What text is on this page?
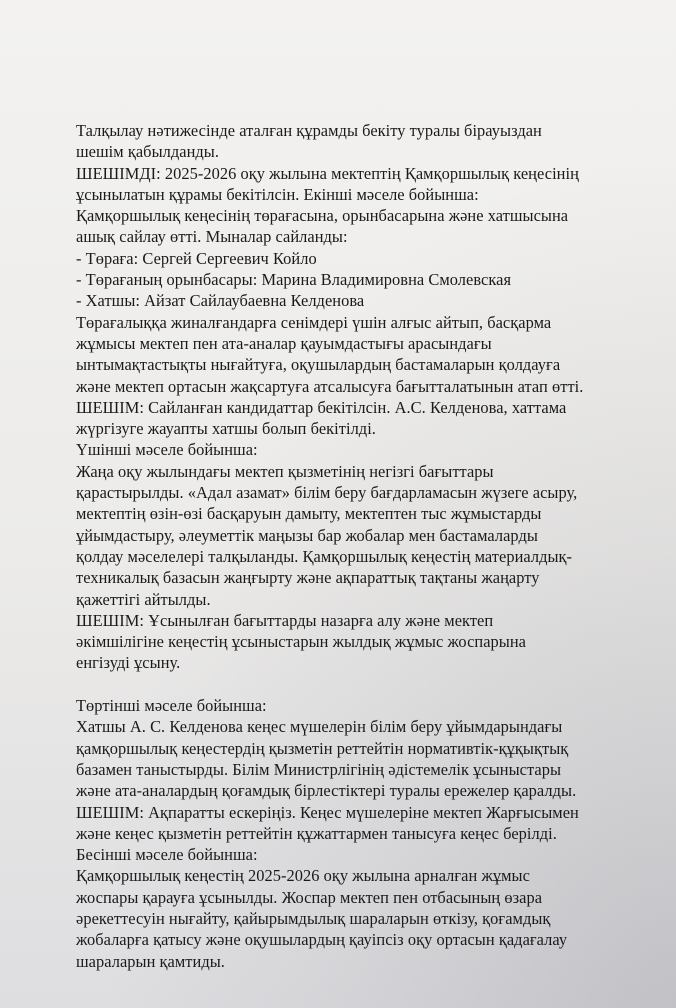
Талқылау нәтижесінде аталған құрамды бекіту туралы бірауыздан
шешім қабылданды.
ШЕШІМДІ: 2025-2026 оқу жылына мектептің Қамқоршылық кеңесінің
ұсынылатын құрамы бекітілсін. Екінші мәселе бойынша:
Қамқоршылық кеңесінің төрағасына, орынбасарына және хатшысына
ашық сайлау өтті. Мыналар сайланды:
- Төраға: Сергей Сергеевич Койло
- Төрағаның орынбасары: Марина Владимировна Смолевская
- Хатшы: Айзат Сайлаубаевна Келденова
Төрағалыққа жиналғандарға сенімдері үшін алғыс айтып, басқарма
жұмысы мектеп пен ата-аналар қауымдастығы арасындағы
ынтымақтастықты нығайтуға, оқушылардың бастамаларын қолдауға
және мектеп ортасын жақсартуға атсалысуға бағытталатынын атап өтті.
ШЕШІМ: Сайланған кандидаттар бекітілсін. А.С. Келденова, хаттама
жүргізуге жауапты хатшы болып бекітілді.
Үшінші мәселе бойынша:
Жаңа оқу жылындағы мектеп қызметінің негізгі бағыттары
қарастырылды. «Адал азамат» білім беру бағдарламасын жүзеге асыру,
мектептің өзін-өзі басқаруын дамыту, мектептен тыс жұмыстарды
ұйымдастыру, әлеуметтік маңызы бар жобалар мен бастамаларды
қолдау мәселелері талқыланды. Қамқоршылық кеңестің материалдық-
техникалық базасын жаңғырту және ақпараттық тақтаны жаңарту
қажеттігі айтылды.
ШЕШІМ: Ұсынылған бағыттарды назарға алу және мектеп
әкімшілігіне кеңестің ұсыныстарын жылдық жұмыс жоспарына
енгізуді ұсыну.
Төртінші мәселе бойынша:
Хатшы А. С. Келденова кеңес мүшелерін білім беру ұйымдарындағы
қамқоршылық кеңестердің қызметін реттейтін нормативтік-құқықтық
базамен таныстырды. Білім Министрлігінің әдістемелік ұсыныстары
және ата-аналардың қоғамдық бірлестіктері туралы ережелер қаралды.
ШЕШІМ: Ақпаратты ескеріңіз. Кеңес мүшелеріне мектеп Жарғысымен
және кеңес қызметін реттейтін құжаттармен танысуға кеңес берілді.
Бесінші мәселе бойынша:
Қамқоршылық кеңестің 2025-2026 оқу жылына арналған жұмыс
жоспары қарауға ұсынылды. Жоспар мектеп пен отбасының өзара
әрекеттесуін нығайту, қайырымдылық шараларын өткізу, қоғамдық
жобаларға қатысу және оқушылардың қауіпсіз оқу ортасын қадағалау
шараларын қамтиды.
